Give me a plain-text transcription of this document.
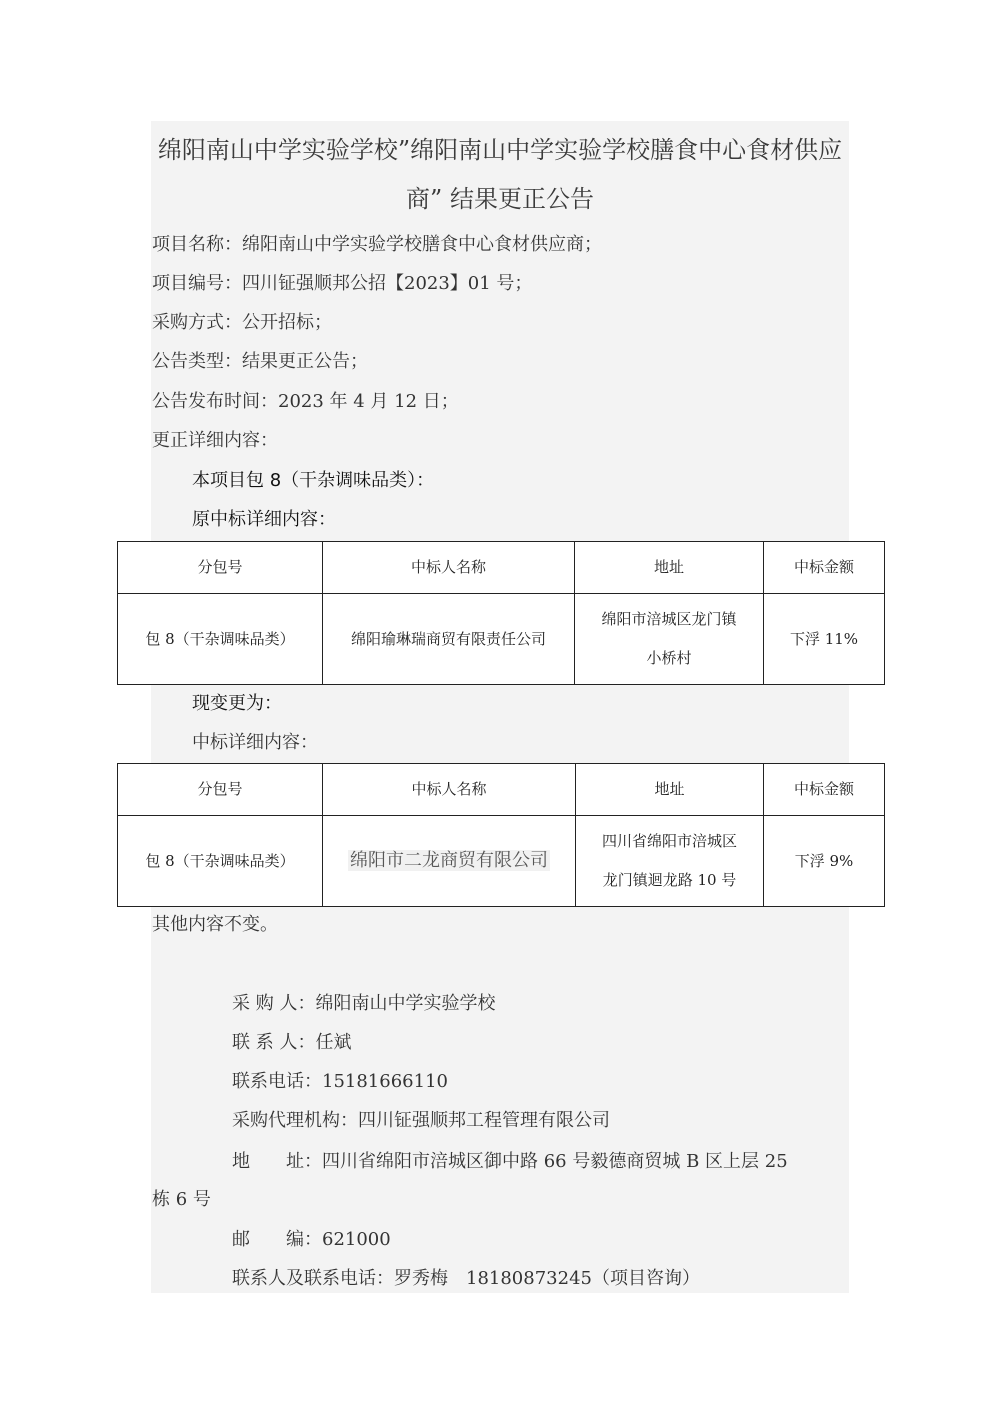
绵阳南山中学实验学校”绵阳南山中学实验学校膳食中心食材供应
商” 结果更正公告
项目名称：绵阳南山中学实验学校膳食中心食材供应商；
项目编号：四川钲强顺邦公招【2023】01 号；
采购方式：公开招标；
公告类型：结果更正公告；
公告发布时间：2023 年 4 月 12 日；
更正详细内容：
本项目包 8（干杂调味品类）：
原中标详细内容：
分包号	中标人名称	地址	中标金额
包 8（干杂调味品类）	绵阳瑜琳瑞商贸有限责任公司	绵阳市涪城区龙门镇
小桥村	下浮 11%
现变更为：
中标详细内容：
分包号	中标人名称	地址	中标金额
包 8（干杂调味品类）	绵阳市二龙商贸有限公司	四川省绵阳市涪城区
龙门镇迴龙路 10 号	下浮 9%
其他内容不变。
采 购 人：绵阳南山中学实验学校
联 系 人：任斌
联系电话：15181666110
采购代理机构：四川钲强顺邦工程管理有限公司
地　　址：四川省绵阳市涪城区御中路 66 号毅德商贸城 B 区上层 25
栋 6 号
邮　　编：621000
联系人及联系电话：罗秀梅　18180873245（项目咨询）
